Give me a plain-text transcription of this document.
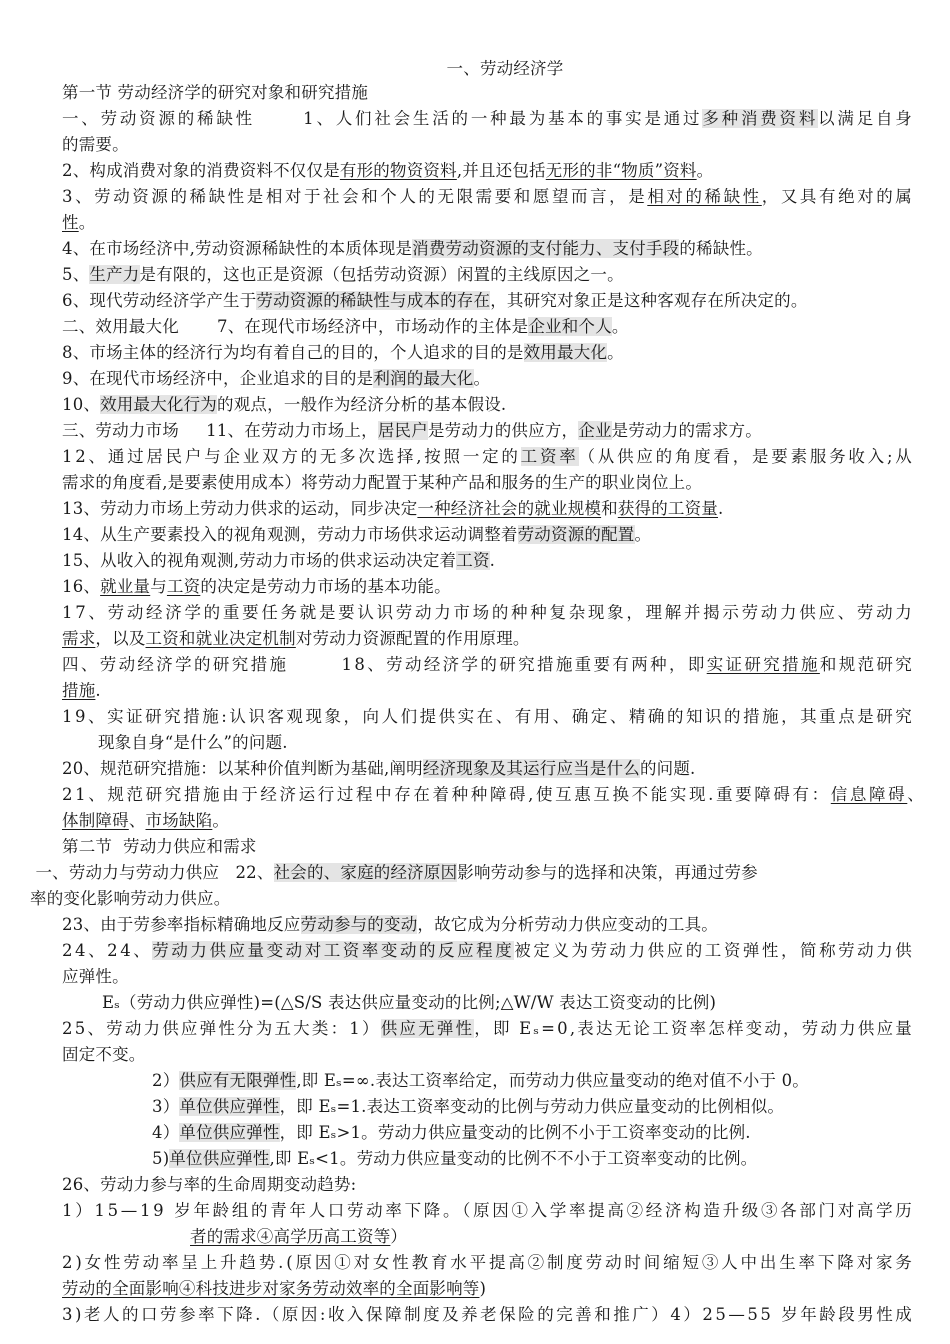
一、劳动经济学
第一节 劳动经济学的研究对象和研究措施
一、劳动资源的稀缺性      1、人们社会生活的一种最为基本的事实是通过多种消费资料以满足自身
的需要。
2、构成消费对象的消费资料不仅仅是有形的物资资料,并且还包括无形的非“物质”资料。
3、劳动资源的稀缺性是相对于社会和个人的无限需要和愿望而言，是相对的稀缺性，又具有绝对的属
性。
4、在市场经济中,劳动资源稀缺性的本质体现是消费劳动资源的支付能力、支付手段的稀缺性。
5、生产力是有限的，这也正是资源（包括劳动资源）闲置的主线原因之一。
6、现代劳动经济学产生于劳动资源的稀缺性与成本的存在，其研究对象正是这种客观存在所决定的。
二、效用最大化       7、在现代市场经济中，市场动作的主体是企业和个人。
8、市场主体的经济行为均有着自己的目的，个人追求的目的是效用最大化。
9、在现代市场经济中，企业追求的目的是利润的最大化。
10、效用最大化行为的观点，一般作为经济分析的基本假设.
三、劳动力市场     11、在劳动力市场上，居民户是劳动力的供应方，企业是劳动力的需求方。
12、通过居民户与企业双方的无多次选择,按照一定的工资率（从供应的角度看，是要素服务收入;从
需求的角度看,是要素使用成本）将劳动力配置于某种产品和服务的生产的职业岗位上。
13、劳动力市场上劳动力供求的运动，同步决定一种经济社会的就业规模和获得的工资量.
14、从生产要素投入的视角观测，劳动力市场供求运动调整着劳动资源的配置。
15、从收入的视角观测,劳动力市场的供求运动决定着工资.
16、就业量与工资的决定是劳动力市场的基本功能。
17、劳动经济学的重要任务就是要认识劳动力市场的种种复杂现象，理解并揭示劳动力供应、劳动力
需求，以及工资和就业决定机制对劳动力资源配置的作用原理。
四、劳动经济学的研究措施       18、劳动经济学的研究措施重要有两种，即实证研究措施和规范研究
措施.
19、实证研究措施:认识客观现象，向人们提供实在、有用、确定、精确的知识的措施，其重点是研究
现象自身“是什么”的问题.
20、规范研究措施：以某种价值判断为基础,阐明经济现象及其运行应当是什么的问题.
21、规范研究措施由于经济运行过程中存在着种种障碍,使互惠互换不能实现.重要障碍有：信息障碍、
体制障碍、市场缺陷。
第二节  劳动力供应和需求
一、劳动力与劳动力供应   22、社会的、家庭的经济原因影响劳动参与的选择和决策，再通过劳参
率的变化影响劳动力供应。
23、由于劳参率指标精确地反应劳动参与的变动，故它成为分析劳动力供应变动的工具。
24、24、劳动力供应量变动对工资率变动的反应程度被定义为劳动力供应的工资弹性，简称劳动力供
应弹性。
Eₛ（劳动力供应弹性)=(△S/S 表达供应量变动的比例;△W/W 表达工资变动的比例)
25、劳动力供应弹性分为五大类：1）供应无弹性，即 Eₛ=0,表达无论工资率怎样变动，劳动力供应量
固定不变。
2）供应有无限弹性,即 Eₛ=∞.表达工资率给定，而劳动力供应量变动的绝对值不小于 0。
3）单位供应弹性，即 Eₛ=1.表达工资率变动的比例与劳动力供应量变动的比例相似。
4）单位供应弹性，即 Eₛ>1。劳动力供应量变动的比例不小于工资率变动的比例.
5)单位供应弹性,即 Eₛ<1。劳动力供应量变动的比例不不小于工资率变动的比例。
26、劳动力参与率的生命周期变动趋势:
1）15—19 岁年龄组的青年人口劳动率下降。（原因①入学率提高②经济构造升级③各部门对高学历
者的需求④高学历高工资等）
2)女性劳动率呈上升趋势.(原因①对女性教育水平提高②制度劳动时间缩短③人中出生率下降对家务
劳动的全面影响④科技进步对家务劳动效率的全面影响等)
3)老人的口劳参率下降.（原因:收入保障制度及养老保险的完善和推广）4）25—55 岁年龄段男性成
